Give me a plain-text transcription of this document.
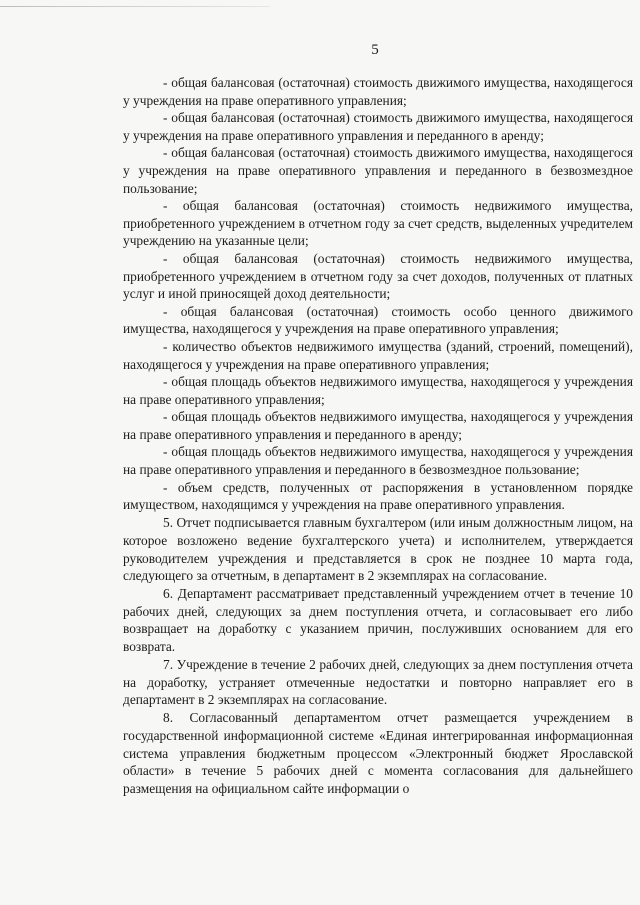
5

- общая балансовая (остаточная) стоимость движимого имущества, находящегося у учреждения на праве оперативного управления;

- общая балансовая (остаточная) стоимость движимого имущества, находящегося у учреждения на праве оперативного управления и переданного в аренду;

- общая балансовая (остаточная) стоимость движимого имущества, находящегося у учреждения на праве оперативного управления и переданного в безвозмездное пользование;

- общая балансовая (остаточная) стоимость недвижимого имущества, приобретенного учреждением в отчетном году за счет средств, выделенных учредителем учреждению на указанные цели;

- общая балансовая (остаточная) стоимость недвижимого имущества, приобретенного учреждением в отчетном году за счет доходов, полученных от платных услуг и иной приносящей доход деятельности;

- общая балансовая (остаточная) стоимость особо ценного движимого имущества, находящегося у учреждения на праве оперативного управления;

- количество объектов недвижимого имущества (зданий, строений, помещений), находящегося у учреждения на праве оперативного управления;

- общая площадь объектов недвижимого имущества, находящегося у учреждения на праве оперативного управления;

- общая площадь объектов недвижимого имущества, находящегося у учреждения на праве оперативного управления и переданного в аренду;

- общая площадь объектов недвижимого имущества, находящегося у учреждения на праве оперативного управления и переданного в безвозмездное пользование;

- объем средств, полученных от распоряжения в установленном порядке имуществом, находящимся у учреждения на праве оперативного управления.

5. Отчет подписывается главным бухгалтером (или иным должностным лицом, на которое возложено ведение бухгалтерского учета) и исполнителем, утверждается руководителем учреждения и представляется в срок не позднее 10 марта года, следующего за отчетным, в департамент в 2 экземплярах на согласование.

6. Департамент рассматривает представленный учреждением отчет в течение 10 рабочих дней, следующих за днем поступления отчета, и согласовывает его либо возвращает на доработку с указанием причин, послуживших основанием для его возврата.

7. Учреждение в течение 2 рабочих дней, следующих за днем поступления отчета на доработку, устраняет отмеченные недостатки и повторно направляет его в департамент в 2 экземплярах на согласование.

8. Согласованный департаментом отчет размещается учреждением в государственной информационной системе «Единая интегрированная информационная система управления бюджетным процессом «Электронный бюджет Ярославской области» в течение 5 рабочих дней с момента согласования для дальнейшего размещения на официальном сайте информации о
